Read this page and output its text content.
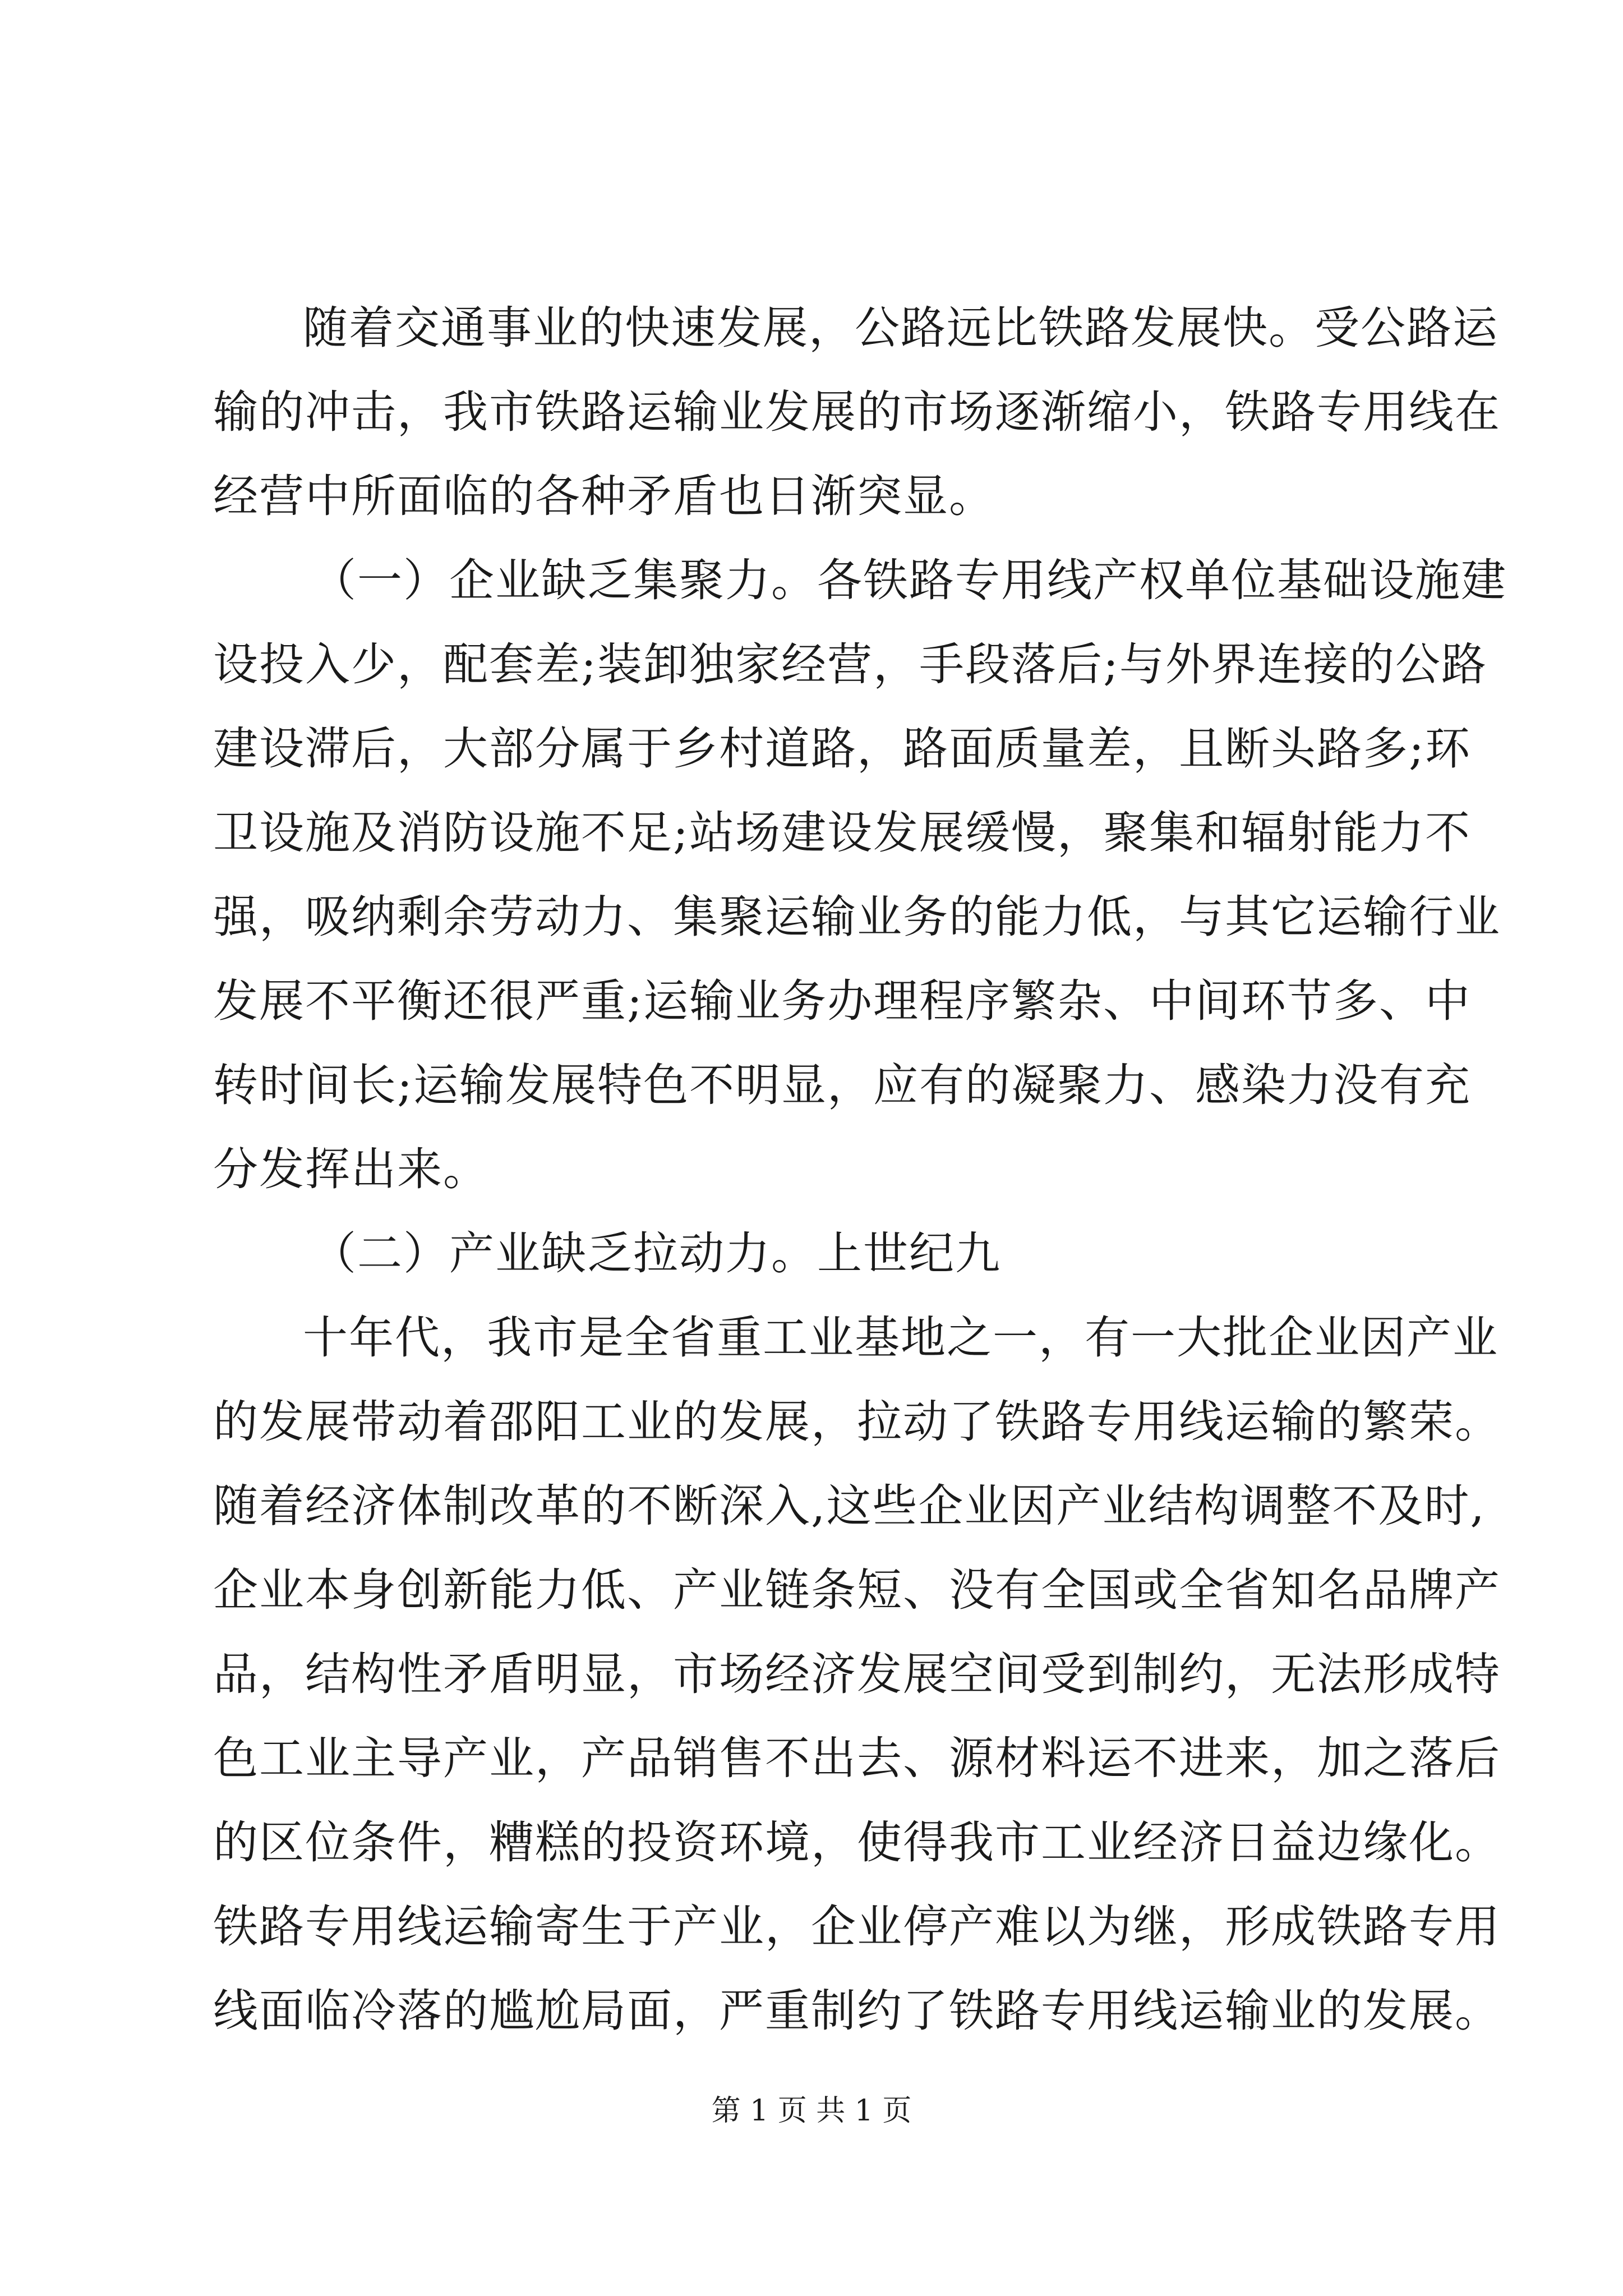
随着交通事业的快速发展，公路远比铁路发展快。受公路运
输的冲击，我市铁路运输业发展的市场逐渐缩小，铁路专用线在
经营中所面临的各种矛盾也日渐突显。
（一）企业缺乏集聚力。各铁路专用线产权单位基础设施建
设投入少，配套差;装卸独家经营，手段落后;与外界连接的公路
建设滞后，大部分属于乡村道路，路面质量差，且断头路多;环
卫设施及消防设施不足;站场建设发展缓慢，聚集和辐射能力不
强，吸纳剩余劳动力、集聚运输业务的能力低，与其它运输行业
发展不平衡还很严重;运输业务办理程序繁杂、中间环节多、中
转时间长;运输发展特色不明显，应有的凝聚力、感染力没有充
分发挥出来。
（二）产业缺乏拉动力。上世纪九
十年代，我市是全省重工业基地之一，有一大批企业因产业
的发展带动着邵阳工业的发展，拉动了铁路专用线运输的繁荣。
随着经济体制改革的不断深入,这些企业因产业结构调整不及时,
企业本身创新能力低、产业链条短、没有全国或全省知名品牌产
品，结构性矛盾明显，市场经济发展空间受到制约，无法形成特
色工业主导产业，产品销售不出去、源材料运不进来，加之落后
的区位条件，糟糕的投资环境，使得我市工业经济日益边缘化。
铁路专用线运输寄生于产业，企业停产难以为继，形成铁路专用
第 1 页 共 1 页
线面临冷落的尴尬局面，严重制约了铁路专用线运输业的发展。
